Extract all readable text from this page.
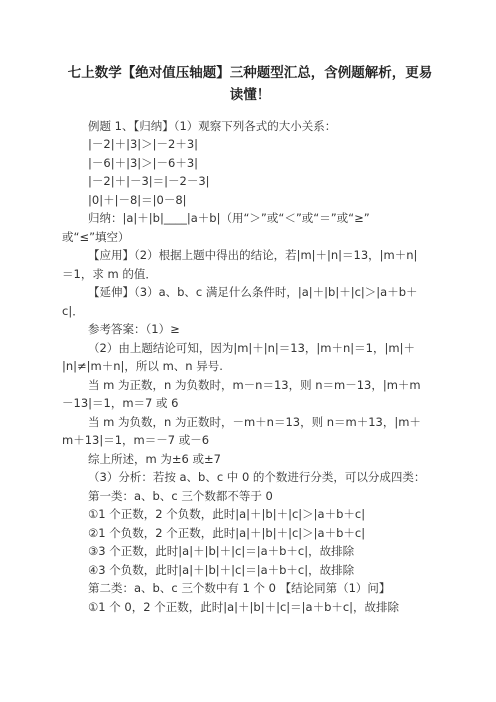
七上数学【绝对值压轴题】三种题型汇总，含例题解析，更易
读懂！
例题 1、【归纳】（1）观察下列各式的大小关系：
|－2|＋|3|＞|－2＋3|
|－6|＋|3|＞|－6＋3|
|－2|＋|－3|＝|－2－3|
|0|＋|－8|＝|0－8|
归纳：|a|＋|b|____|a＋b|（用“＞”或“＜”或“＝”或“≥”
或“≤”填空）
【应用】（2）根据上题中得出的结论，若|m|＋|n|＝13，|m＋n|
＝1，求 m 的值．
【延伸】（3）a、b、c 满足什么条件时，|a|＋|b|＋|c|＞|a＋b＋
c|．
参考答案：（1）≥
（2）由上题结论可知，因为|m|＋|n|＝13，|m＋n|＝1，|m|＋
|n|≠|m＋n|，所以 m、n 异号.
当 m 为正数，n 为负数时，m－n＝13，则 n＝m－13，|m＋m
－13|＝1，m＝7 或 6
当 m 为负数，n 为正数时，－m＋n＝13，则 n＝m＋13，|m＋
m＋13|＝1，m＝－7 或－6
综上所述，m 为±6 或±7
（3）分析：若按 a、b、c 中 0 的个数进行分类，可以分成四类：
第一类：a、b、c 三个数都不等于 0
①1 个正数，2 个负数，此时|a|＋|b|＋|c|＞|a＋b＋c|
②1 个负数，2 个正数，此时|a|＋|b|＋|c|＞|a＋b＋c|
③3 个正数，此时|a|＋|b|＋|c|＝|a＋b＋c|，故排除
④3 个负数，此时|a|＋|b|＋|c|＝|a＋b＋c|，故排除
第二类：a、b、c 三个数中有 1 个 0 【结论同第（1）问】
①1 个 0，2 个正数，此时|a|＋|b|＋|c|＝|a＋b＋c|，故排除
